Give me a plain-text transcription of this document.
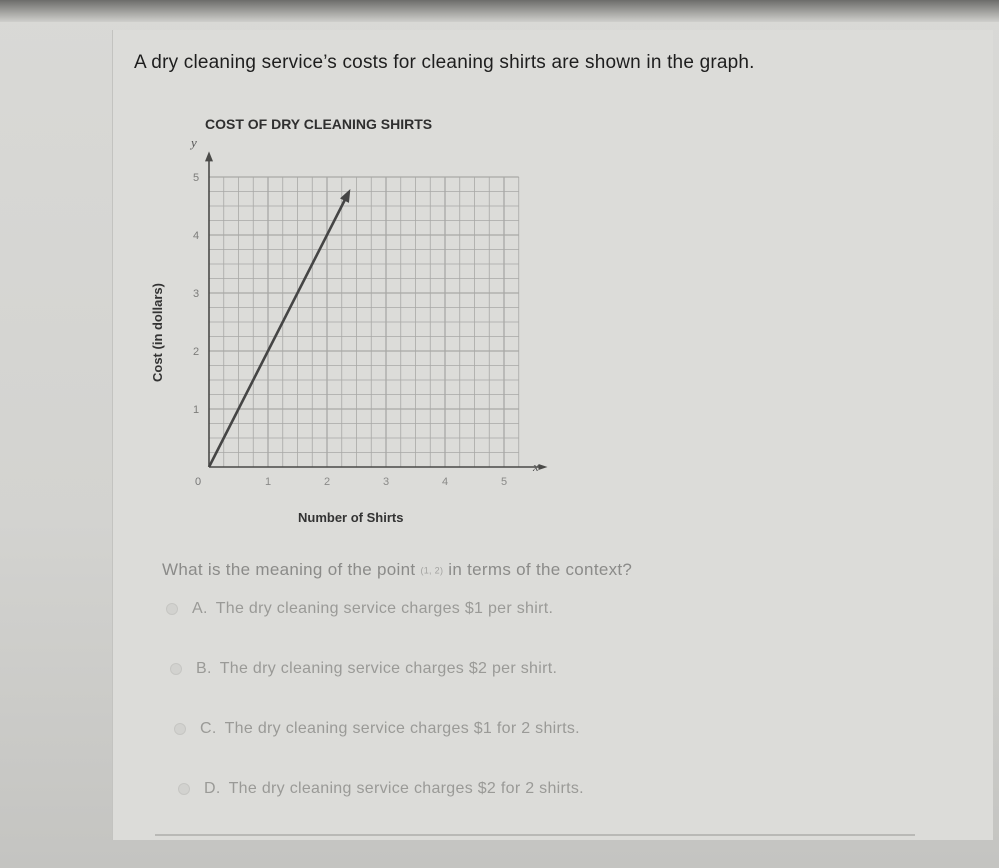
A dry cleaning service’s costs for cleaning shirts are shown in the graph.
COST OF DRY CLEANING SHIRTS
1	2	3	4	5
1
2
3
4
5
Number of Shirts
Cost (in dollars)
x
y
0
What is the meaning of the point (1, 2) in terms of the context?
A. The dry cleaning service charges $1 per shirt.
B. The dry cleaning service charges $2 per shirt.
C. The dry cleaning service charges $1 for 2 shirts.
D. The dry cleaning service charges $2 for 2 shirts.
